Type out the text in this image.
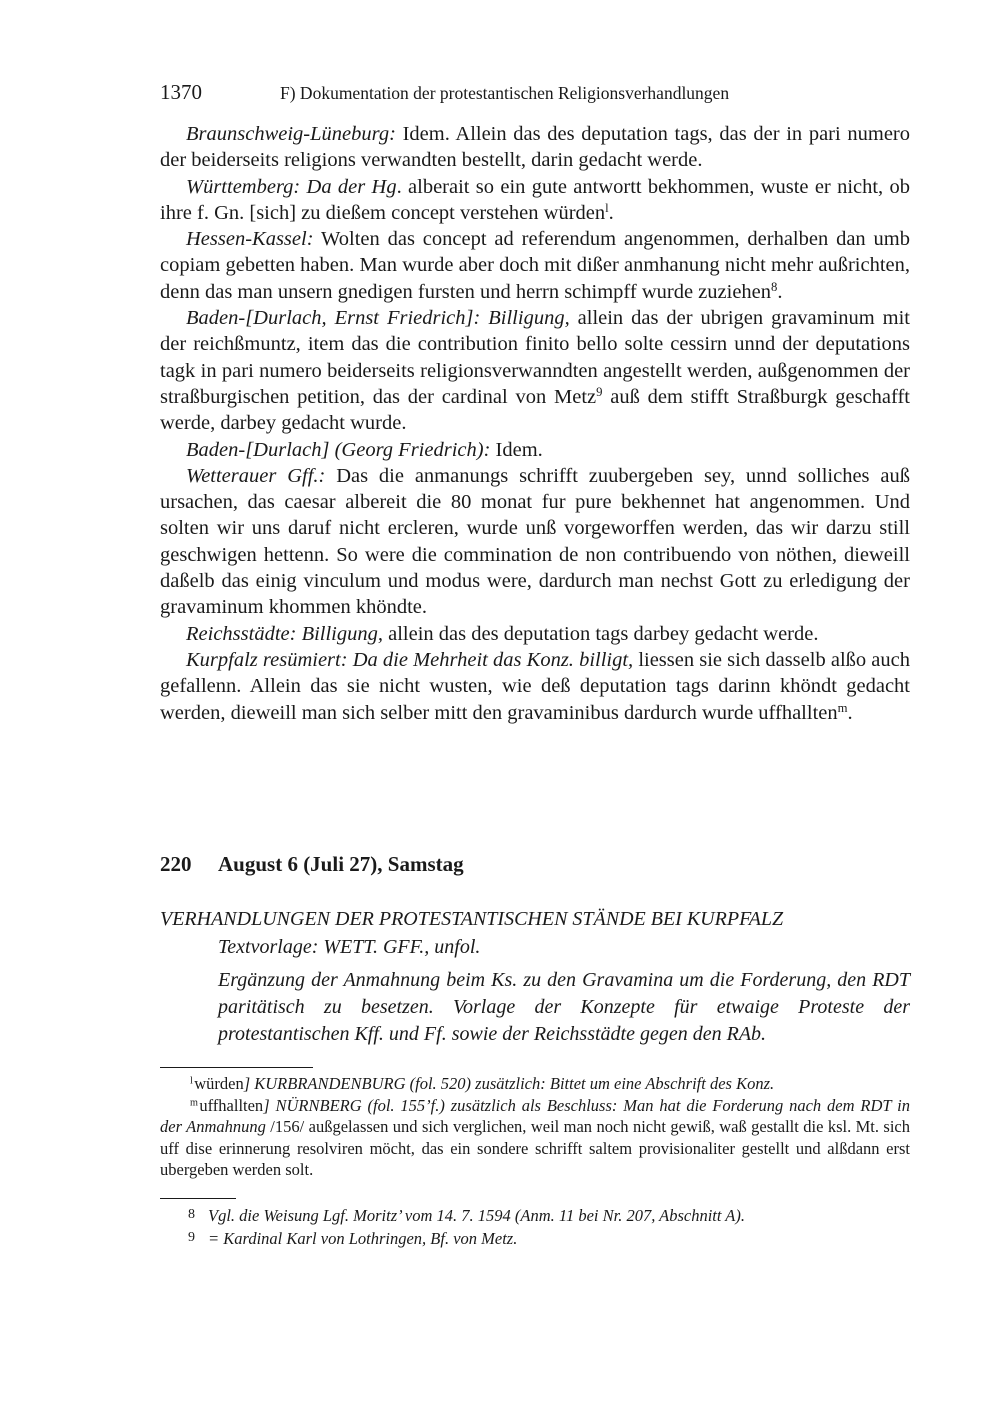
1370	F) Dokumentation der protestantischen Religionsverhandlungen

Braunschweig-Lüneburg: Idem. Allein das des deputation tags, das der in pari numero der beiderseits religions verwandten bestellt, darin gedacht werde.

Württemberg: Da der Hg. alberait so ein gute antwortt bekhommen, wuste er nicht, ob ihre f. Gn. [sich] zu dießem concept verstehen würden$^l$.

Hessen-Kassel: Wolten das concept ad referendum angenommen, derhalben dan umb copiam gebetten haben. Man wurde aber doch mit dißer anmhanung nicht mehr außrichten, denn das man unsern gnedigen fursten und herrn schimpff wurde zuziehen$^8$.

Baden-[Durlach, Ernst Friedrich]: Billigung, allein das der ubrigen gravaminum mit der reichßmuntz, item das die contribution finito bello solte cessirn unnd der deputations tagk in pari numero beiderseits religionsverwanndten angestellt werden, außgenommen der straßburgischen petition, das der cardinal von Metz$^9$ auß dem stifft Straßburgk geschafft werde, darbey gedacht wurde.

Baden-[Durlach] (Georg Friedrich): Idem.

Wetterauer Gff.: Das die anmanungs schrifft zuubergeben sey, unnd solliches auß ursachen, das caesar albereit die 80 monat fur pure bekhennet hat angenommen. Und solten wir uns daruf nicht ercleren, wurde unß vorgeworffen werden, das wir darzu still geschwigen hettenn. So were die commination de non contribuendo von nöthen, dieweill daßelb das einig vinculum und modus were, dardurch man nechst Gott zu erledigung der gravaminum khommen khöndte.

Reichsstädte: Billigung, allein das des deputation tags darbey gedacht werde.

Kurpfalz resümiert: Da die Mehrheit das Konz. billigt, liessen sie sich dasselb alßo auch gefallenn. Allein das sie nicht wusten, wie deß deputation tags darinn khöndt gedacht werden, dieweill man sich selber mitt den gravaminibus dardurch wurde uffhallten$^m$.

220 August 6 (Juli 27), Samstag
VERHANDLUNGEN DER PROTESTANTISCHEN STÄNDE BEI KURPFALZ
Textvorlage: WETT. GFF., unfol.
Ergänzung der Anmahnung beim Ks. zu den Gravamina um die Forderung, den RDT paritätisch zu besetzen. Vorlage der Konzepte für etwaige Proteste der protestantischen Kff. und Ff. sowie der Reichsstädte gegen den RAb.

$^l$ würden] KURBRANDENBURG (fol. 520) zusätzlich: Bittet um eine Abschrift des Konz.

$^m$ uffhallten] NÜRNBERG (fol. 155’f.) zusätzlich als Beschluss: Man hat die Forderung nach dem RDT in der Anmahnung /156/ außgelassen und sich verglichen, weil man noch nicht gewiß, waß gestallt die ksl. Mt. sich uff dise erinnerung resolviren möcht, das ein sondere schrifft saltem provisionaliter gestellt und alßdann erst ubergeben werden solt.

8 Vgl. die Weisung Lgf. Moritz’ vom 14. 7. 1594 (Anm. 11 bei Nr. 207, Abschnitt A).

9 = Kardinal Karl von Lothringen, Bf. von Metz.
